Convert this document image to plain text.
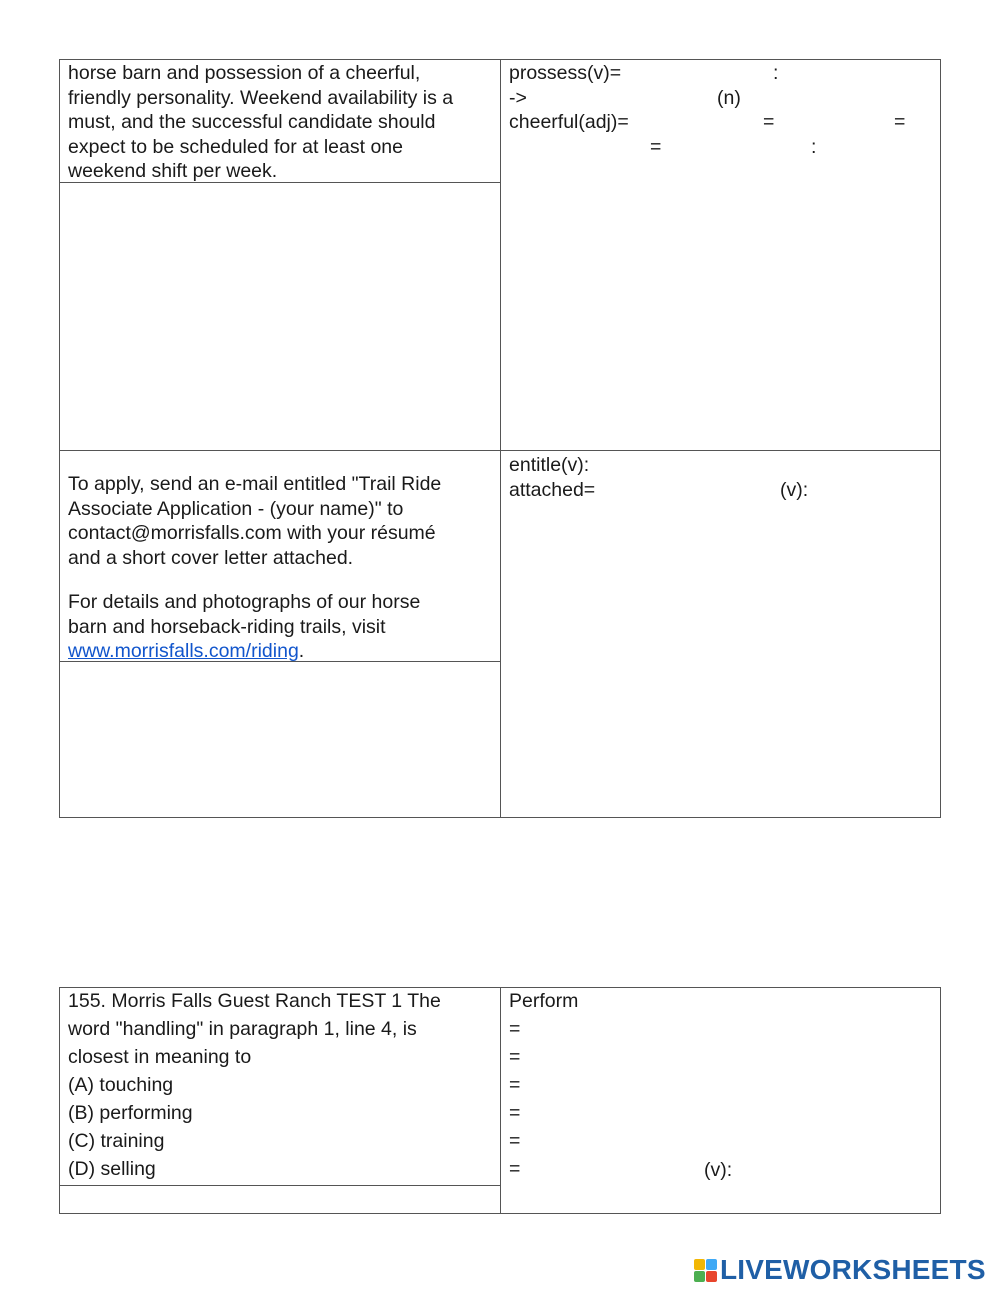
horse barn and possession of a cheerful,
friendly personality. Weekend availability is a
must, and the successful candidate should
expect to be scheduled for at least one
weekend shift per week.
prossess(v)=	:
->	(n)
cheerful(adj)=	=	=
=	:
To apply, send an e-mail entitled "Trail Ride
Associate Application - (your name)" to
contact@morrisfalls.com with your résumé
and a short cover letter attached.
For details and photographs of our horse
barn and horseback-riding trails, visit
www.morrisfalls.com/riding.
entitle(v):
attached=	(v):
155. Morris Falls Guest Ranch TEST 1 The
word "handling" in paragraph 1, line 4, is
closest in meaning to
(A) touching
(B) performing
(C) training
(D) selling
Perform
=
=
=
=
=
=	(v):
LIVEWORKSHEETS
